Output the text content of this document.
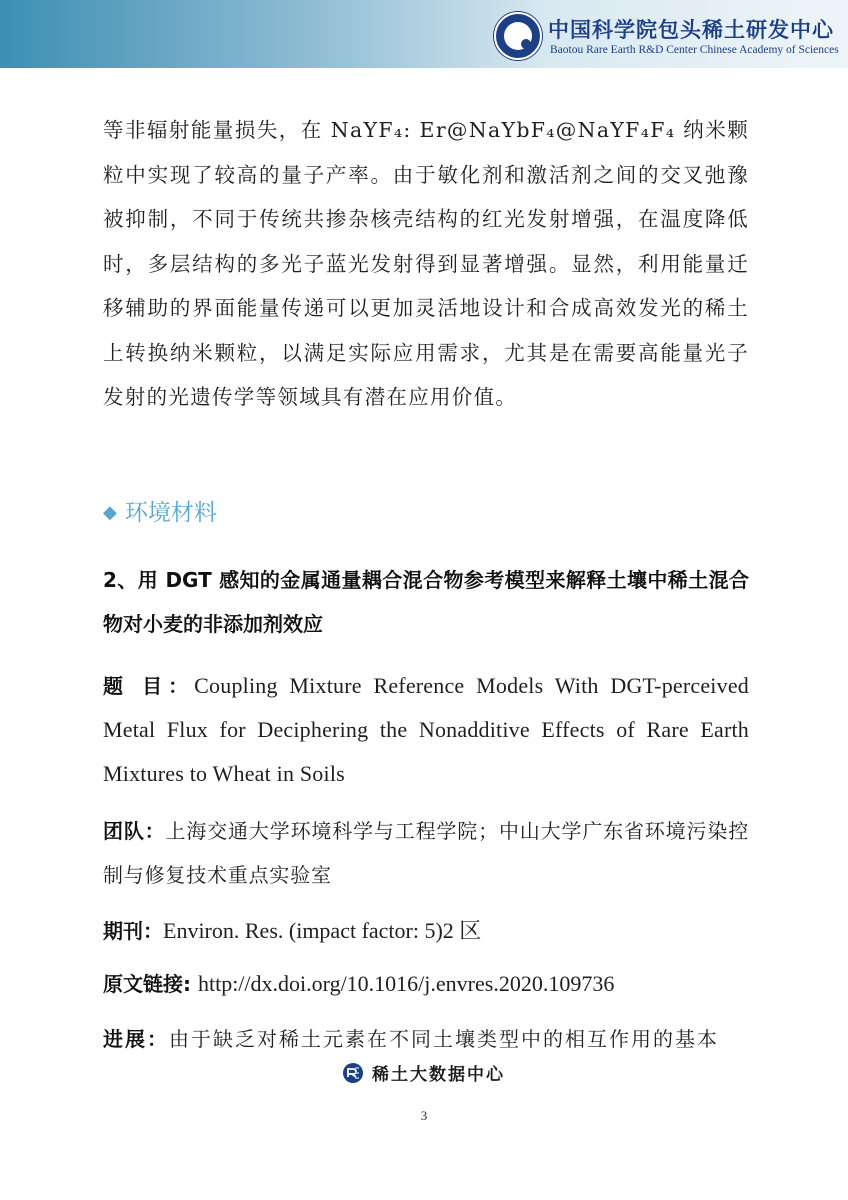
中国科学院包头稀土研发中心
Baotou Rare Earth R&D Center Chinese Academy of Sciences
等非辐射能量损失，在 NaYF₄: Er@NaYbF₄@NaYF₄F₄ 纳米颗粒中实现了较高的量子产率。由于敏化剂和激活剂之间的交叉弛豫被抑制，不同于传统共掺杂核壳结构的红光发射增强，在温度降低时，多层结构的多光子蓝光发射得到显著增强。显然，利用能量迁移辅助的界面能量传递可以更加灵活地设计和合成高效发光的稀土上转换纳米颗粒，以满足实际应用需求，尤其是在需要高能量光子发射的光遗传学等领域具有潜在应用价值。
◆ 环境材料
2、用 DGT 感知的金属通量耦合混合物参考模型来解释土壤中稀土混合物对小麦的非添加剂效应
题 目：Coupling Mixture Reference Models With DGT-perceived Metal Flux for Deciphering the Nonadditive Effects of Rare Earth Mixtures to Wheat in Soils
团队：上海交通大学环境科学与工程学院；中山大学广东省环境污染控制与修复技术重点实验室
期刊：Environ. Res. (impact factor: 5)2 区
原文链接: http://dx.doi.org/10.1016/j.envres.2020.109736
进展：由于缺乏对稀土元素在不同土壤类型中的相互作用的基本
稀土大数据中心
3
